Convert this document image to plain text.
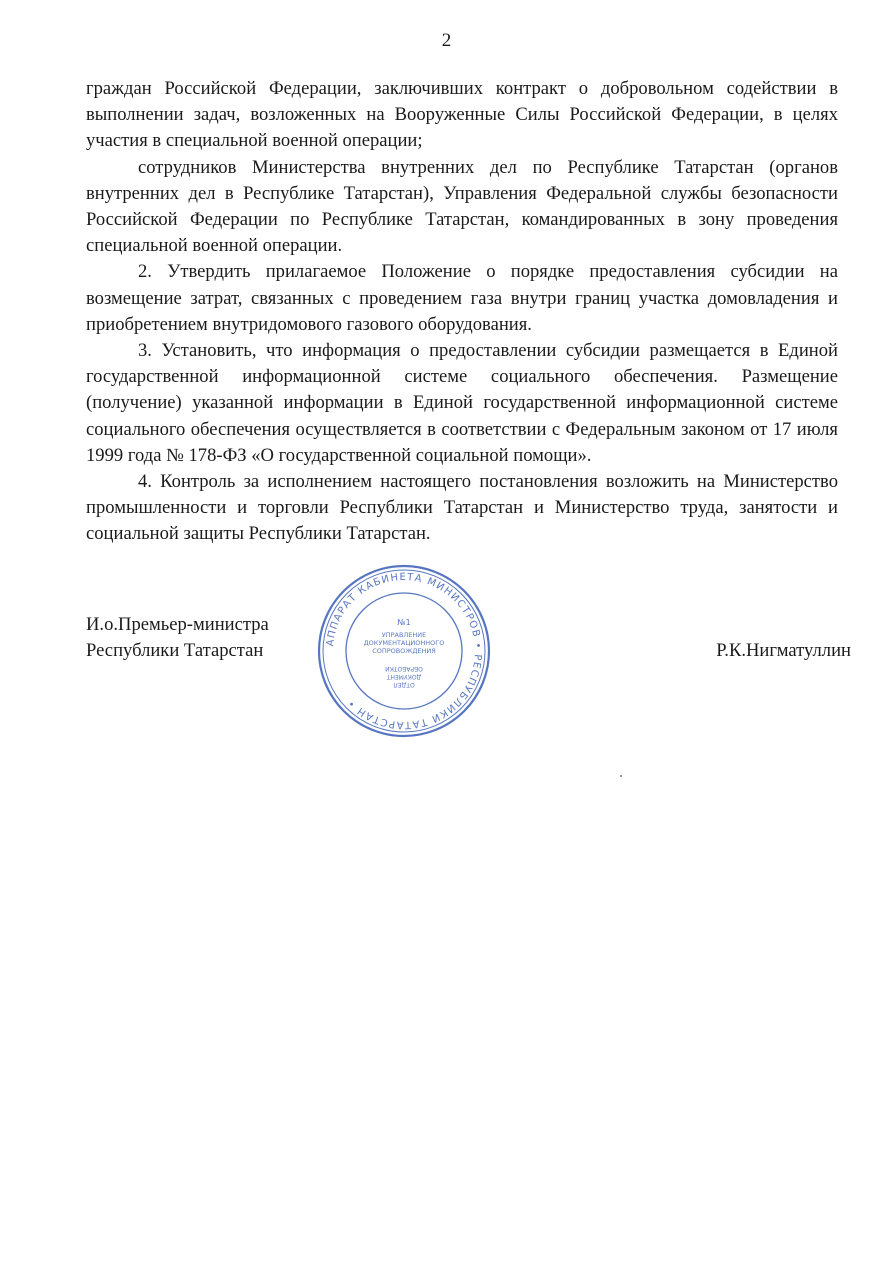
2

граждан Российской Федерации, заключивших контракт о добровольном содействии в выполнении задач, возложенных на Вооруженные Силы Российской Федерации, в целях участия в специальной военной операции;

сотрудников Министерства внутренних дел по Республике Татарстан (органов внутренних дел в Республике Татарстан), Управления Федеральной службы безопасности Российской Федерации по Республике Татарстан, командированных в зону проведения специальной военной операции.

2. Утвердить прилагаемое Положение о порядке предоставления субсидии на возмещение затрат, связанных с проведением газа внутри границ участка домовладения и приобретением внутридомового газового оборудования.

3. Установить, что информация о предоставлении субсидии размещается в Единой государственной информационной системе социального обеспечения. Размещение (получение) указанной информации в Единой государственной информационной системе социального обеспечения осуществляется в соответствии с Федеральным законом от 17 июля 1999 года № 178-ФЗ «О государственной социальной помощи».

4. Контроль за исполнением настоящего постановления возложить на Министерство промышленности и торговли Республики Татарстан и Министерство труда, занятости и социальной защиты Республики Татарстан.

И.о.Премьер-министра
Республики Татарстан	Р.К.Нигматуллин
АППАРАТ КАБИНЕТА МИНИСТРОВ • РЕСПУБЛИКИ ТАТАРСТАН •
№1
УПРАВЛЕНИЕ
ДОКУМЕНТАЦИОННОГО
СОПРОВОЖДЕНИЯ
ОТДЕЛ
ДОКУМЕНТ
ОБРАБОТКИ
